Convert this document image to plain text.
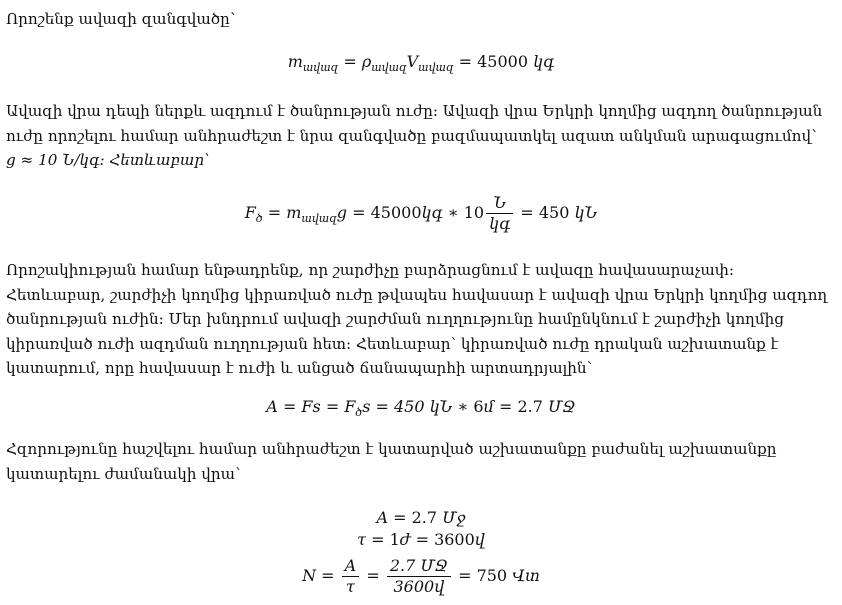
Որոշենք ավազի զանգվածը՝

$m_{ավազ} = \rho_{ավազ}V_{ավազ} = 45000$ կգ

Ավազի վրա դեպի ներքև ազդում է ծանրության ուժը: Ավազի վրա Երկրի կողմից ազդող ծանրության ուժը որոշելու համար անհրաժեշտ է նրա զանգվածը բազմապատկել ազատ անկման արագացումով՝
g ≈ 10 Ն/կգ: Հետևաբար՝

$F_ծ = m_{ավազ}g$ = 45000կգ ∗ $10 \frac{\text{Ն}}{\text{կգ}} = 450$ կՆ

Որոշակիության համար ենթադրենք, որ շարժիչը բարձրացնում է ավազը հավասարաչափ: Հետևաբար, շարժիչի կողմից կիրառված ուժը թվապես հավասար է ավազի վրա Երկրի կողմից ազդող ծանրության ուժին: Մեր խնդրում ավազի շարժման ուղղությունը համընկնում է շարժիչի կողմից կիրառված ուժի ազդման ուղղության հետ: Հետևաբար՝ կիրառված ուժը դրական աշխատանք է կատարում, որը հավասար է ուժի և անցած ճանապարհի արտադրյալին՝

$A = Fs = F_ծs = 450$ կՆ ∗ 6մ = 2.7 ՄՋ

Հզորությունը հաշվելու համար անհրաժեշտ է կատարված աշխատանքը բաժանել աշխատանքը կատարելու ժամանակի վրա՝

A = 2.7 Մջ
τ = 1ժ = 3600վ
$N = \frac{A}{\tau} = \frac{\text{2.7 ՄՋ}}{\text{3600վ}} = 750$ Վտ
